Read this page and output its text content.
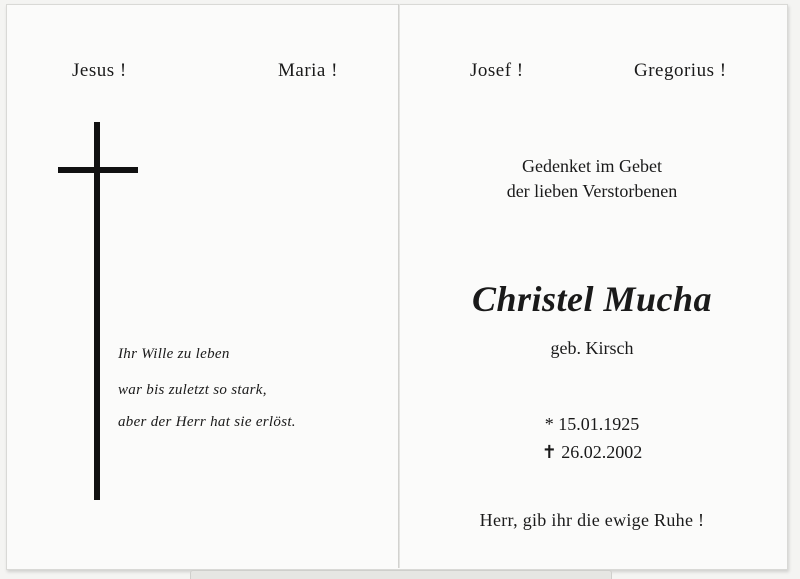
Jesus !	Maria !
Ihr Wille zu leben
war bis zuletzt so stark,
aber der Herr hat sie erlöst.
Josef !	Gregorius !
Gedenket im Gebet
der lieben Verstorbenen
Christel Mucha
geb. Kirsch
* 15.01.1925
✝ 26.02.2002
Herr, gib ihr die ewige Ruhe !
